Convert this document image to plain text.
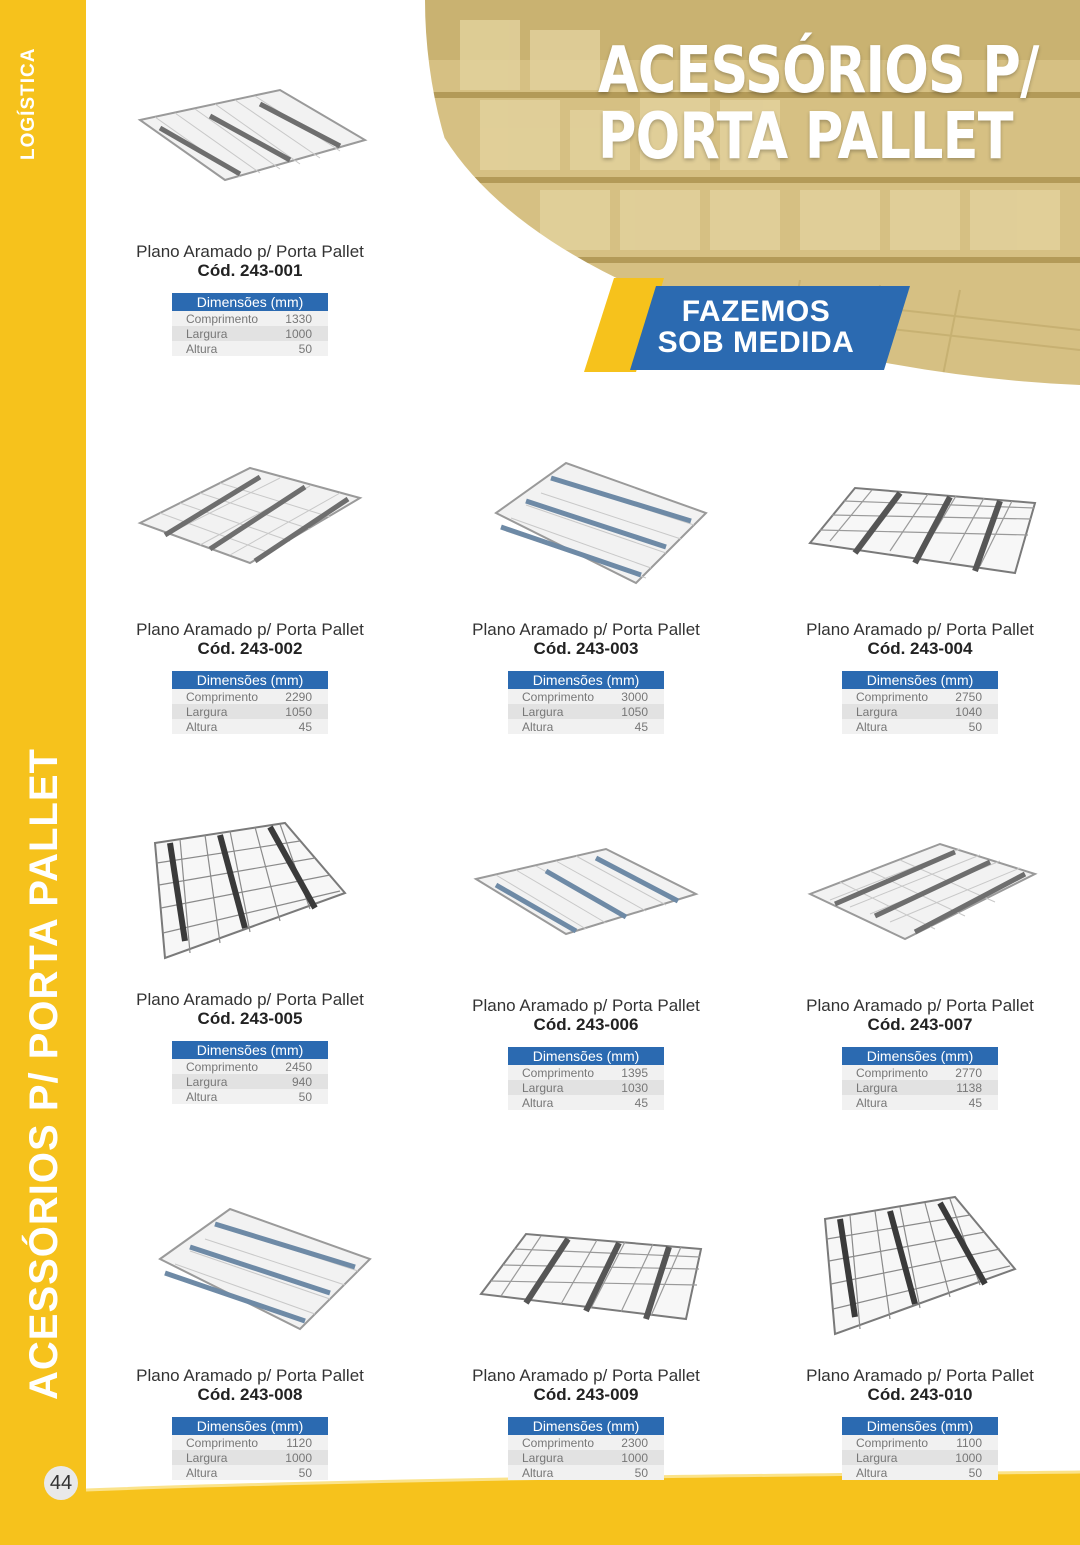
LOGÍSTICA
ACESSÓRIOS P/ PORTA PALLET
44
ACESSÓRIOS P/
PORTA PALLET
FAZEMOS
SOB MEDIDA
Plano Aramado p/ Porta Pallet
Cód. 243-001
Dimensões (mm)	
Comprimento	1330
Largura	1000
Altura	50
Plano Aramado p/ Porta Pallet
Cód. 243-002
Dimensões (mm)	
Comprimento	2290
Largura	1050
Altura	45
Plano Aramado p/ Porta Pallet
Cód. 243-003
Dimensões (mm)	
Comprimento	3000
Largura	1050
Altura	45
Plano Aramado p/ Porta Pallet
Cód. 243-004
Dimensões (mm)	
Comprimento	2750
Largura	1040
Altura	50
Plano Aramado p/ Porta Pallet
Cód. 243-005
Dimensões (mm)	
Comprimento	2450
Largura	940
Altura	50
Plano Aramado p/ Porta Pallet
Cód. 243-006
Dimensões (mm)	
Comprimento	1395
Largura	1030
Altura	45
Plano Aramado p/ Porta Pallet
Cód. 243-007
Dimensões (mm)	
Comprimento	2770
Largura	1138
Altura	45
Plano Aramado p/ Porta Pallet
Cód. 243-008
Dimensões (mm)	
Comprimento	1120
Largura	1000
Altura	50
Plano Aramado p/ Porta Pallet
Cód. 243-009
Dimensões (mm)	
Comprimento	2300
Largura	1000
Altura	50
Plano Aramado p/ Porta Pallet
Cód. 243-010
Dimensões (mm)	
Comprimento	1100
Largura	1000
Altura	50
